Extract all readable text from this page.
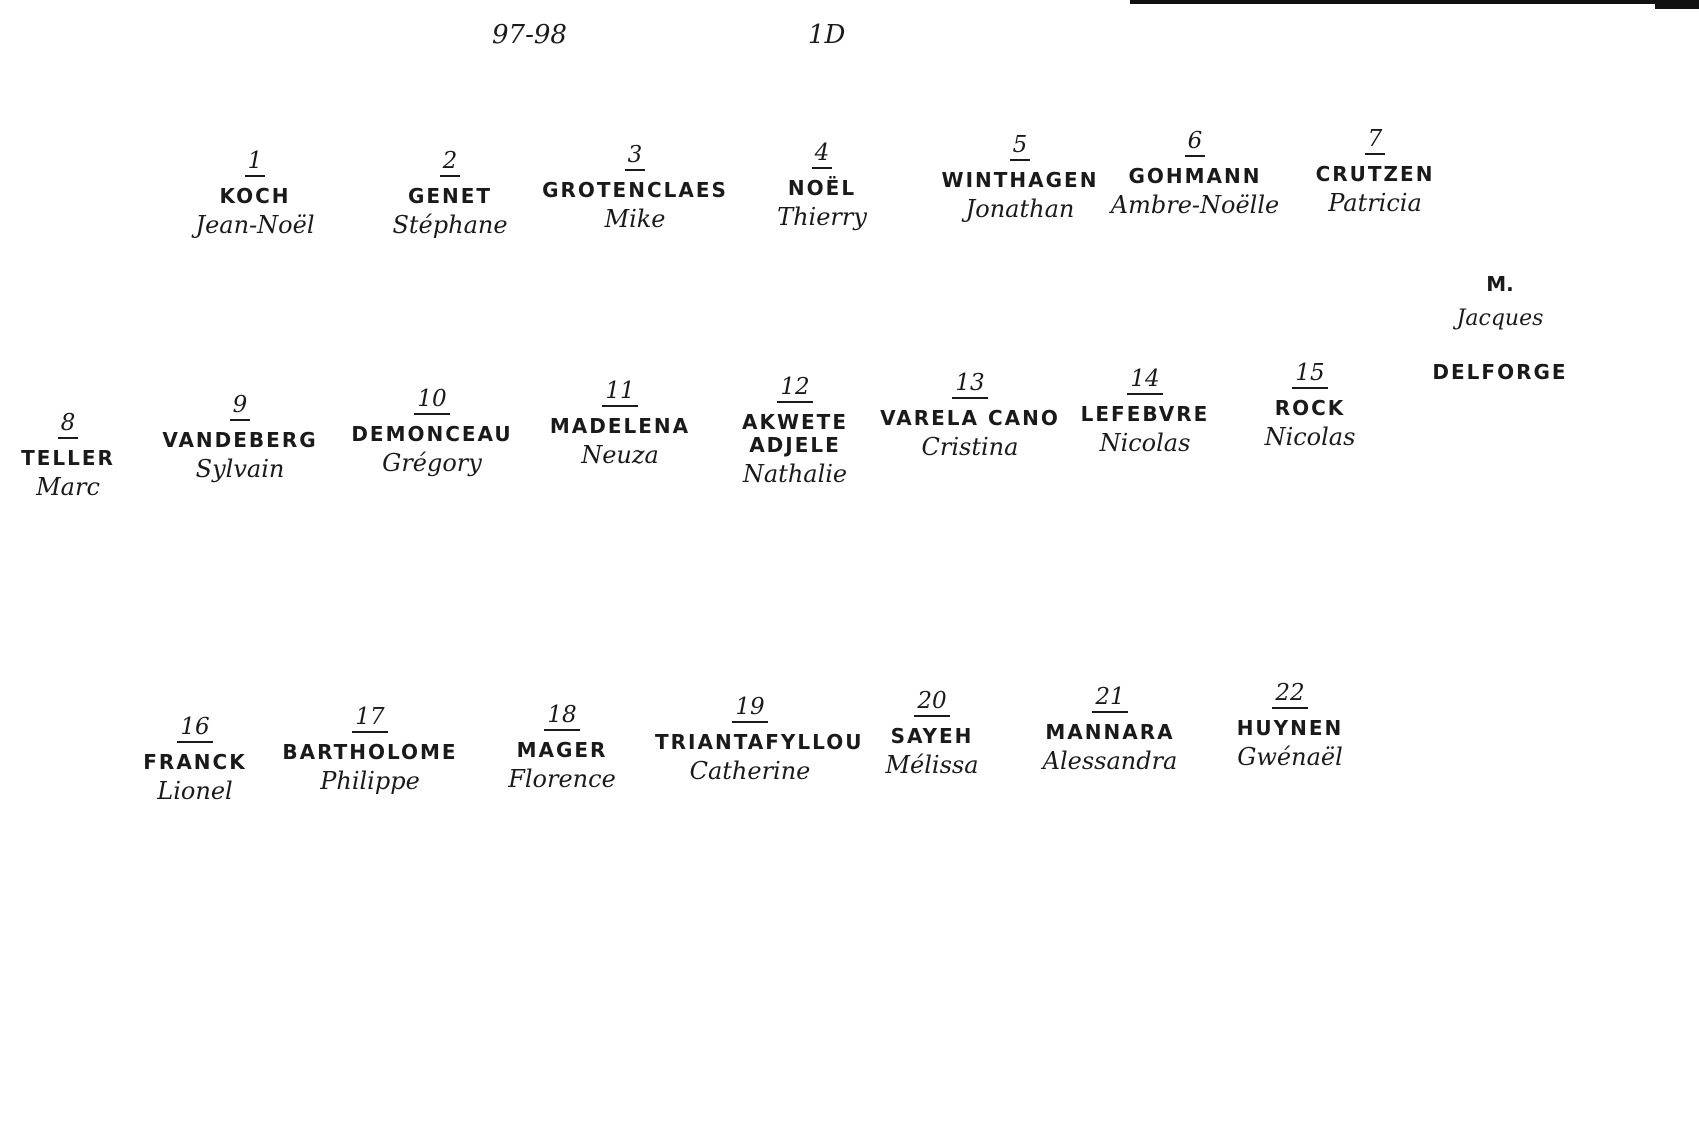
97-98	1D
1
KOCH
Jean-Noël
2
GENET
Stéphane
3
GROTENCLAES
Mike
4
NOËL
Thierry
5
WINTHAGEN
Jonathan
6
GOHMANN
Ambre-Noëlle
7
CRUTZEN
Patricia
M.
Jacques
DELFORGE
8
TELLER
Marc
9
VANDEBERG
Sylvain
10
DEMONCEAU
Grégory
11
MADELENA
Neuza
12
AKWETE ADJELE
Nathalie
13
VARELA CANO
Cristina
14
LEFEBVRE
Nicolas
15
ROCK
Nicolas
16
FRANCK
Lionel
17
BARTHOLOME
Philippe
18
MAGER
Florence
19
TRIANTAFYLLOU
Catherine
20
SAYEH
Mélissa
21
MANNARA
Alessandra
22
HUYNEN
Gwénaël
